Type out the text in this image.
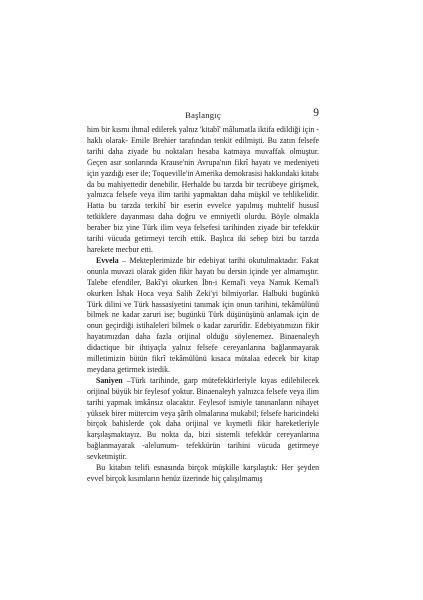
Başlangıç	9

him bir kısmı ihmal edilerek yalnız 'kitabî' mâlumatla iktifa edildiği için -haklı olarak- Emile Brehier tarafından tenkit edilmişti. Bu zatın felsefe tarihi daha ziyade bu noktaları hesaba katmaya muvaffak olmuştur. Geçen asır sonlarında Krause'nin Avrupa'nın fikrî hayatı ve medeniyeti için yazdığı eser ile; Toqueville'in Amerika demokrasisi hakkındaki kitabı da bu mahiyettedir denebilir. Herhalde bu tarzda bir tecrübeye girişmek, yalnızca felsefe veya ilim tarihi yapmaktan daha müşkil ve tehlikelidir. Hatta bu tarzda terkibî bir eserin evvelce yapılmış muhtelif hususî tetkiklere dayanması daha doğru ve emniyetli olurdu. Böyle olmakla beraber biz yine Türk ilim veya felsefesi tarihinden ziyade bir tefekkür tarihi vücuda getirmeyi tercih ettik. Başlıca iki sebep bizi bu tarzda harekete mecbur etti.

Evvela – Mekteplerimizde bir edebiyat tarihi okutulmaktadır. Fakat onunla muvazi olarak giden fikir hayatı bu dersin içinde yer almamıştır. Talebe efendiler, Bakî'yi okurken İbn-i Kemal'i veya Namık Kemal'i okurken İshak Hoca veya Salih Zeki'yi bilmiyorlar. Halbuki bugünkü Türk dilini ve Türk hassasiyetini tanımak için onun tarihini, tekâmülünü bilmek ne kadar zaruri ise; bugünkü Türk düşünüşünü anlamak için de onun geçirdiği istihaleleri bilmek o kadar zarurîdir. Edebiyatımızın fikir hayatımızdan daha fazla orijinal olduğu söylenemez. Binaenaleyh didactique bir ihtiyaçla yalnız felsefe cereyanlarına bağlanmayarak milletimizin bütün fikrî tekâmülünü kısaca mütalaa edecek bir kitap meydana getirmek istedik.

Saniyen –Türk tarihinde, garp mütefekkirleriyle kıyas edilebilecek orijinal büyük bir feylesof yoktur. Binaenaleyh yalnızca felsefe veya ilim tarihi yapmak imkânsız olacaktır. Feylesof ismiyle tanınanların nihayet yüksek birer mütercim veya şârih olmalarına mukabil; felsefe haricindeki birçok bahislerde çok daha orijinal ve kıymetli fikir hareketleriyle karşılaşmaktayız. Bu nokta da, bizi sistemli tefekkür cereyanlarına bağlanmayarak -alelumum- tefekkürün tarihini vücuda getirmeye sevketmiştir.

Bu kitabın telifi esnasında birçok müşkille karşılaştık: Her şeyden evvel birçok kısımların henüz üzerinde hiç çalışılmamış
